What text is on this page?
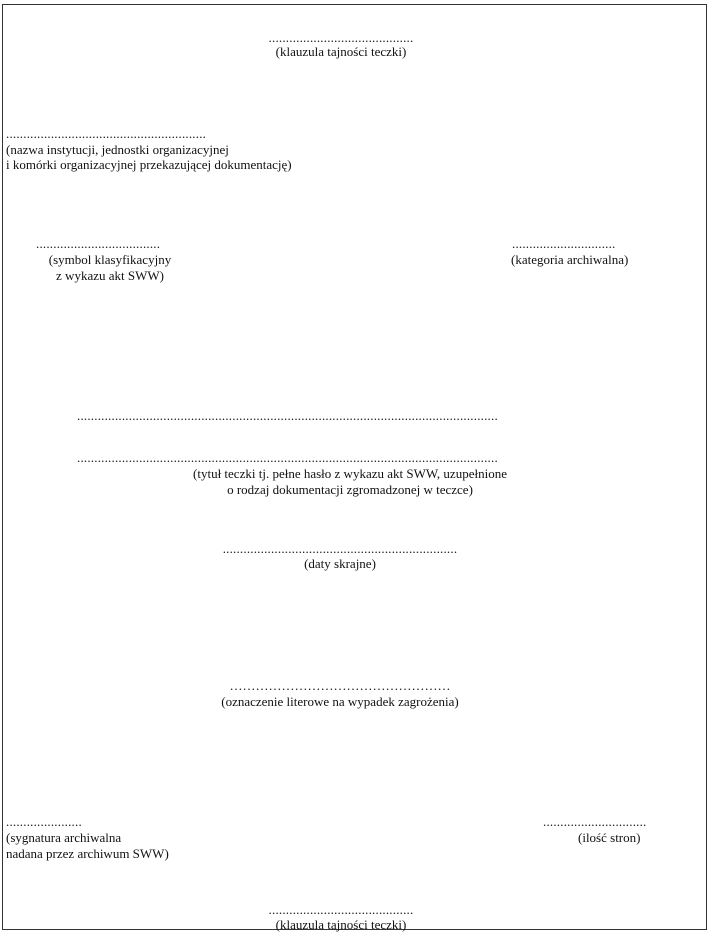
..........................................
(klauzula tajności teczki)
..........................................................
(nazwa instytucji, jednostki organizacyjnej
i komórki organizacyjnej przekazującej dokumentację)
....................................
(symbol klasyfikacyjny
z wykazu akt SWW)
..............................
(kategoria archiwalna)
..........................................................................................................................
..........................................................................................................................
(tytuł teczki tj. pełne hasło z wykazu akt SWW, uzupełnione
o rodzaj dokumentacji zgromadzonej w teczce)
....................................................................
(daty skrajne)
……………………………………………
(oznaczenie literowe na wypadek zagrożenia)
......................
(sygnatura archiwalna
nadana przez archiwum SWW)
..............................
(ilość stron)
..........................................
(klauzula tajności teczki)
